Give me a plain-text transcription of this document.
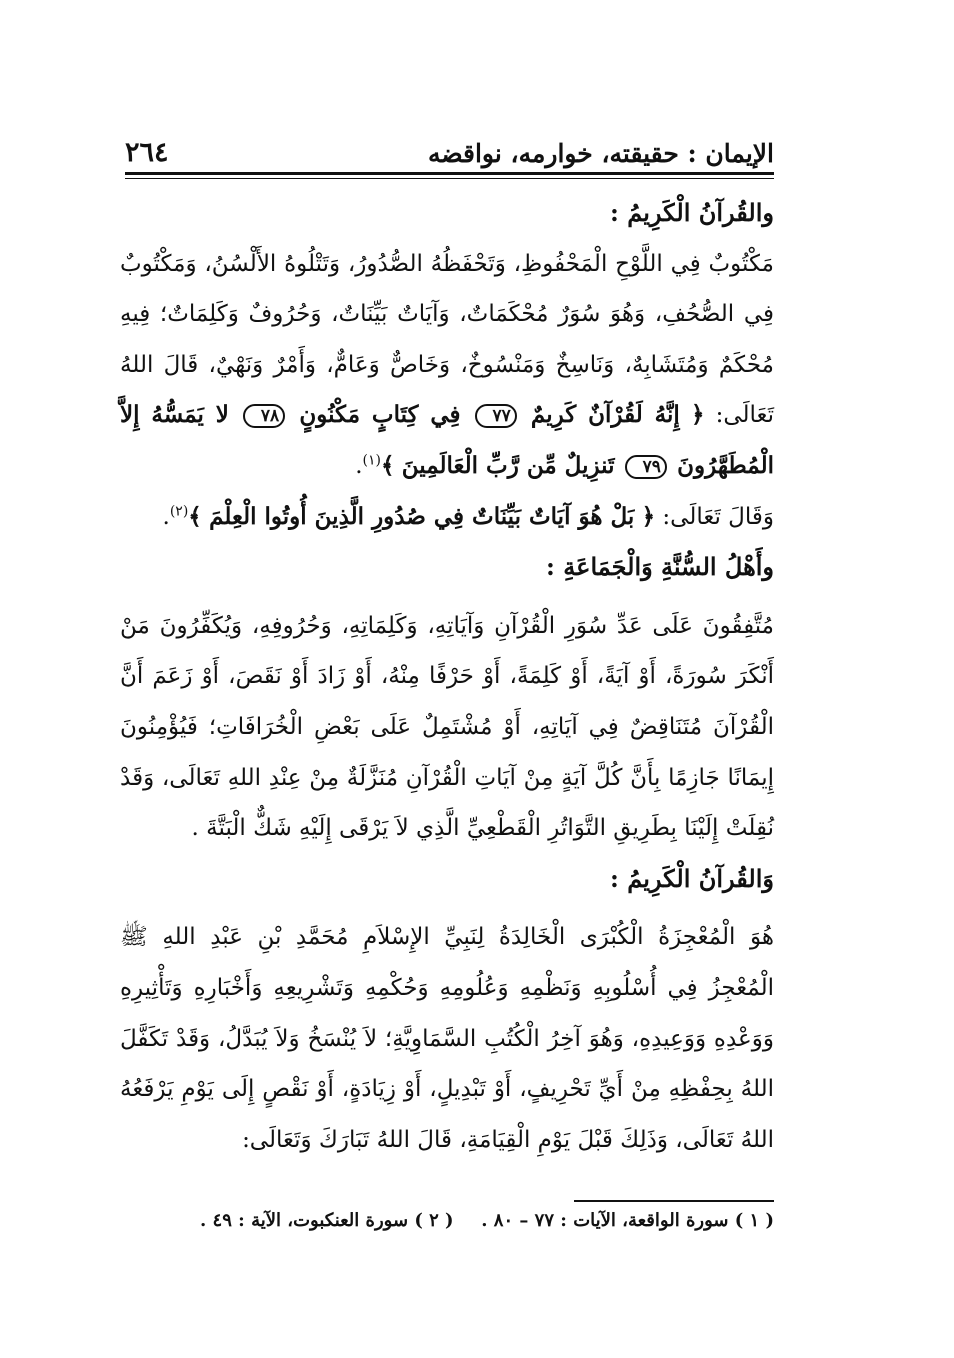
الإيمان : حقيقته، خوارمه، نواقضه
٢٦٤

والقُرآنُ الْكَرِيمُ :

مَكْتُوبٌ فِي اللَّوْحِ الْمَحْفُوظِ، وَتَحْفَظُهُ الصُّدُورُ، وَتَتْلُوهُ الأَلْسُنُ، وَمَكْتُوبٌ فِي الصُّحُفِ، وَهُوَ سُوَرٌ مُحْكَمَاتٌ، وَآيَاتٌ بَيِّنَاتٌ، وَحُرُوفٌ وَكَلِمَاتٌ؛ فِيهِ مُحْكَمٌ وَمُتَشَابِهٌ، وَنَاسِخٌ وَمَنْسُوخٌ، وَخَاصٌّ وَعَامٌّ، وَأَمْرٌ وَنَهْيٌ، قَالَ اللهُ تَعَالَى: ﴿ إِنَّهُ لَقُرْآنٌ كَرِيمٌ ٧٧ فِي كِتَابٍ مَكْنُونٍ ٧٨ لا يَمَسُّهُ إِلاَّ الْمُطَهَّرُونَ ٧٩ تَنزِيلٌ مِّن رَّبِّ الْعَالَمِينَ ﴾$^{(١)}$.

وَقَالَ تَعَالَى: ﴿ بَلْ هُوَ آيَاتٌ بَيِّنَاتٌ فِي صُدُورِ الَّذِينَ أُوتُوا الْعِلْمَ ﴾$^{(٢)}$.

وأَهْلُ السُّنَّةِ وَالْجَمَاعَةِ :

مُتَّفِقُونَ عَلَى عَدِّ سُوَرِ الْقُرْآنِ وَآيَاتِهِ، وَكَلِمَاتِهِ، وَحُرُوفِهِ، وَيُكَفِّرُونَ مَنْ أَنْكَرَ سُورَةً، أَوْ آيَةً، أَوْ كَلِمَةً، أَوْ حَرْفًا مِنْهُ، أَوْ زَادَ أَوْ نَقَصَ، أَوْ زَعَمَ أَنَّ الْقُرْآنَ مُتَنَاقِضٌ فِي آيَاتِهِ، أَوْ مُشْتَمِلٌ عَلَى بَعْضِ الْخُرَافَاتِ؛ فَيُؤْمِنُونَ إِيمَانًا جَازِمًا بِأَنَّ كُلَّ آيَةٍ مِنْ آيَاتِ الْقُرْآنِ مُنَزَّلَةٌ مِنْ عِنْدِ اللهِ تَعَالَى، وَقَدْ نُقِلَتْ إِلَيْنَا بِطَرِيقِ التَّوَاتُرِ الْقَطْعِيِّ الَّذِي لاَ يَرْقَى إِلَيْهِ شَكٌّ الْبَتَّةَ .

وَالقُرآنُ الْكَرِيمُ :

هُوَ الْمُعْجِزَةُ الْكُبْرَى الْخَالِدَةُ لِنَبِيِّ الإِسْلاَمِ مُحَمَّدِ بْنِ عَبْدِ اللهِ ﷺ الْمُعْجِزُ فِي أُسْلُوبِهِ وَنَظْمِهِ وَعُلُومِهِ وَحُكْمِهِ وَتَشْرِيعِهِ وَأَخْبَارِهِ وَتَأْثِيرِهِ وَوَعْدِهِ وَوَعِيدِهِ، وَهُوَ آخِرُ الْكُتُبِ السَّمَاوِيَّةِ؛ لاَ يُنْسَخُ وَلاَ يُبَدَّلُ، وَقَدْ تَكَفَّلَ اللهُ بِحِفْظِهِ مِنْ أَيِّ تَحْرِيفٍ، أَوْ تَبْدِيلٍ، أَوْ زِيَادَةٍ، أَوْ نَقْصٍ إِلَى يَوْمِ يَرْفَعُهُ اللهُ تَعَالَى، وَذَلِكَ قَبْلَ يَوْمِ الْقِيَامَةِ، قَالَ اللهُ تَبَارَكَ وَتَعَالَى:

( ١ ) سورة الواقعة، الآيات : ٧٧ – ٨٠ .
( ٢ ) سورة العنكبوت، الآية : ٤٩ .
